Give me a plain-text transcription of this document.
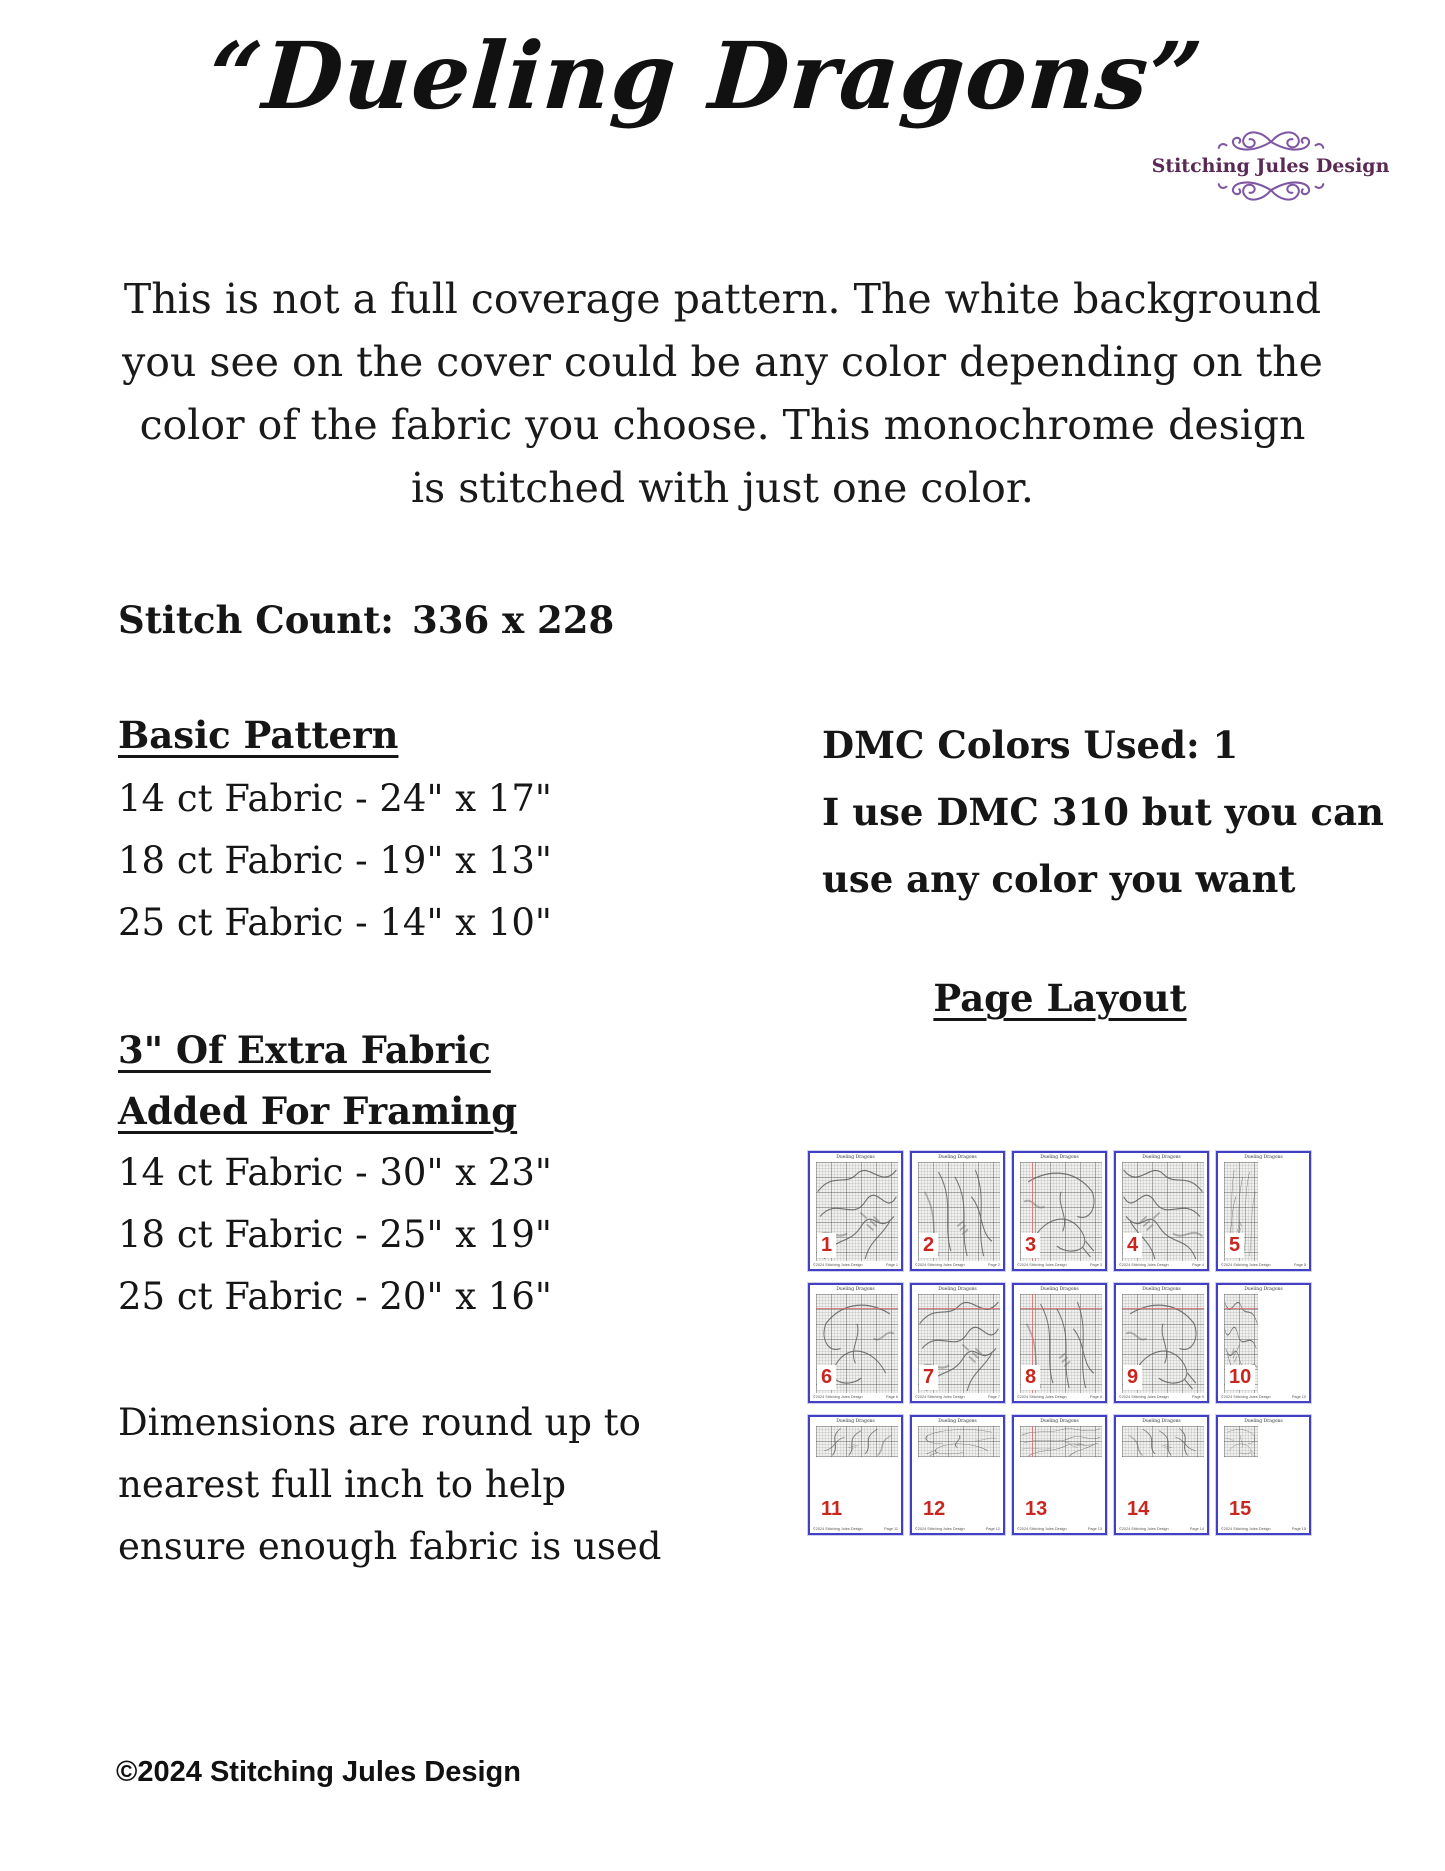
“Dueling Dragons”
Stitching Jules Design
This is not a full coverage pattern. The white background
you see on the cover could be any color depending on the
color of the fabric you choose. This monochrome design
is stitched with just one color.
Stitch Count: 336 x 228
Basic Pattern
14 ct Fabric - 24" x 17"
18 ct Fabric - 19" x 13"
25 ct Fabric - 14" x 10"
3" Of Extra Fabric
Added For Framing
14 ct Fabric - 30" x 23"
18 ct Fabric - 25" x 19"
25 ct Fabric - 20" x 16"
Dimensions are round up to
nearest full inch to help
ensure enough fabric is used
DMC Colors Used: 1
I use DMC 310 but you can
use any color you want
Page Layout
Dueling Dragons
1
©2024 Stitching Jules Design	Page 1
Dueling Dragons
2
©2024 Stitching Jules Design	Page 2
Dueling Dragons
3
©2024 Stitching Jules Design	Page 3
Dueling Dragons
4
©2024 Stitching Jules Design	Page 4
Dueling Dragons
5
©2024 Stitching Jules Design	Page 5
Dueling Dragons
6
©2024 Stitching Jules Design	Page 6
Dueling Dragons
7
©2024 Stitching Jules Design	Page 7
Dueling Dragons
8
©2024 Stitching Jules Design	Page 8
Dueling Dragons
9
©2024 Stitching Jules Design	Page 9
Dueling Dragons
10
©2024 Stitching Jules Design	Page 10
Dueling Dragons
11
©2024 Stitching Jules Design	Page 11
Dueling Dragons
12
©2024 Stitching Jules Design	Page 12
Dueling Dragons
13
©2024 Stitching Jules Design	Page 13
Dueling Dragons
14
©2024 Stitching Jules Design	Page 14
Dueling Dragons
15
©2024 Stitching Jules Design	Page 15
©2024 Stitching Jules Design
